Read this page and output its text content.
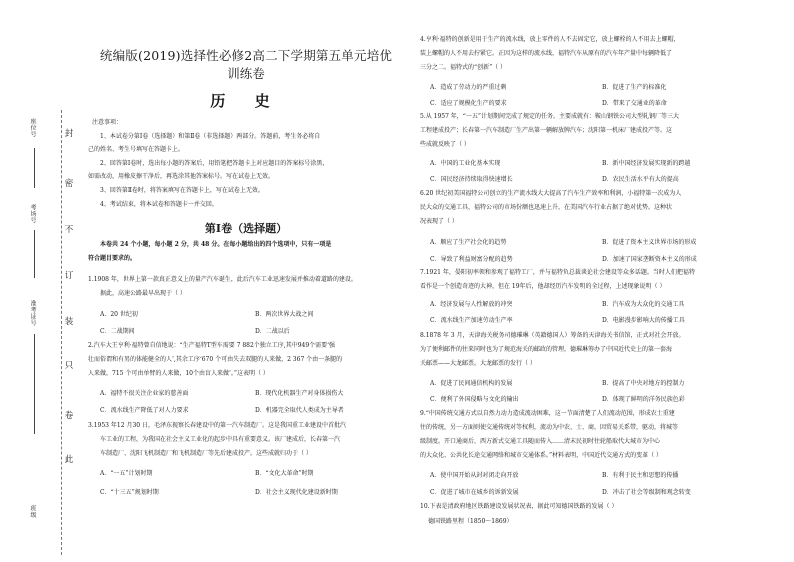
封
密
不
订
装
只
卷
此
座位号
考场号
准考证号
班级
统编版(2019)选择性必修2高二下学期第五单元培优
训练卷
历 史
注意事项：
1、本试卷分第Ⅰ卷（选择题）和第Ⅱ卷（非选择题）两部分。答题前，考生务必将自
己的姓名、考生号填写在答题卡上。
2、回答第Ⅰ卷时，选出每小题的答案后，用铅笔把答题卡上对应题目的答案标号涂黑，
如需改动，用橡皮擦干净后，再选涂其他答案标号。写在试卷上无效。
3、回答第Ⅱ卷时，将答案填写在答题卡上，写在试卷上无效。
4、考试结束，将本试卷和答题卡一并交回。
第Ⅰ卷（选择题）
本卷共 24 个小题，每小题 2 分，共 48 分。在每小题给出的四个选项中，只有一项是
符合题目要求的。
1.1908 年，世界上第一款真正意义上的量产汽车诞生，此后汽车工业迅速发展并推动着道路的建设。
据此，高速公路最早出现于（ ）
A．20 世纪初	B．两次世界大战之间
C．二战期间	D．二战以后
2.汽车大王亨利·福特曾自信地说：“生产福特T型车需要 7 882个独立工序,其中949个需要‘强
壮而俗谓和有男的体能健全的人’,其余工序‘670 个可由失去双腿的人来做，2 367 个由一条腿的
人来做，715 个可由单臂的人来做，10个由盲人来做’。”这表明（ ）
A．福特不很关注企业家的慈善面	B．现代化机器生产对身体损伤大
C．流水线生产降低了对人力要求	D．机器完全取代人类成为主导者
3.1953 年12 月30 日，毛泽东视察长春建设中的第一汽车制造厂。这是我国重工业建设中首批汽
车工业的工程，为我国在社会主义工业化的起步中具有重要意义。该厂建成后，长春第一汽
车制造厂、沈阳飞机制造厂和飞机制造厂等先后建成投产。这些成就归功于（ ）
A．“一五”计划时期	B．“文化大革命”时期
C．“十三五”规划时期	D．社会主义现代化建设新时期
4.亨利·福特的创新是用于生产的流水线，放上零件的人不去固定它，放上螺栓的人不用去上螺帽，
装上螺帽的人不用去拧紧它。正因为这样的流水线，福特汽车从原有的汽车年产量中每辆降低了
三分之二。福特式的“创新”（ ）
A．造成了劳动力的严重过剩	B．促进了生产的标准化
C．适应了规模化生产的要求	D．带来了交通业的革命
5.从 1957 年，“一五”计划期间完成了规定的任务。主要成就有：鞍山钢铁公司大型轧钢厂等三大
工程建成投产；长春第一汽车制造厂生产出第一辆解放牌汽车；沈阳第一机床厂建成投产等。这
些成就反映了（ ）
A．中国的工业化基本实现	B．新中国经济发展实现新的跨越
C．国民经济持续取得快速增长	D．农民生活水平有大的提高
6.20 世纪初美国福特公司创立的生产流水线大大提高了汽车生产效率和利润，小福特第一次成为人
民大众的交通工具，福特公司的市场份额也迅速上升，在美国汽车行业占据了绝对优势。这种状
况表现了（ ）
A．顺应了生产社会化的趋势	B．促进了资本主义世界市场的形成
C．导致了利益财富分配的趋势	D．加速了国家垄断资本主义的形成
7.1921 年，晏阳初率领和参观了福特工厂，并与福特负总裁谈论社会建设等众多话题。当时人们把福特
看作是一个创造奇迹的大神，但在 19年后，他却经历汽车发明的全过程，上述现象说明（ ）
A．经济发展与人性解放的冲突	B．汽车成为大众化的交通工具
C．流水线生产加速劳动生产率	D．电影漫步影响大的传播工具
8.1878 年 3 月，天津海关税务司德璀琳（英籍德国人）筹备的天津海关书信馆，正式对社会开放。
为了便利邮件的往来同时也为了规范海关的邮政的管理，德璀琳筹办了中国近代史上的第一套海
关邮票——大龙邮票。大龙邮票的发行（ ）
A．促进了民间通信机构的发展	B．提高了中央对地方的控制力
C．便利了外国侵略与文化的输出	D．体现了鲜明的洋务民族色彩
9.“中国传统交通方式以自然力动力造成流动困难，这一节面清楚了人们流动范围，形成农士重建
往的传统，另一方面则使交通传统对等权利，流动为中农、士、商，因贸易关系带，驱动，将城等
级制度。开口通商后，西方新式交通工具随而传入……清末民初时往轮船取代大城市为中心
的大众化、公共化长途交通网络和城市交通体系。”材料表明，中国近代交通方式的变革（ ）
A．使中国开始从封对闭走向开放	B．有利于民主和思想的传播
C．促进了城市在城乡的诉新发展	D．冲击了社会等级制和观念转变
10.下表是清政府地区铁路建设发展状况表，据此可知德国铁路的发展（ ）
德国铁路里程（1850～1869）
